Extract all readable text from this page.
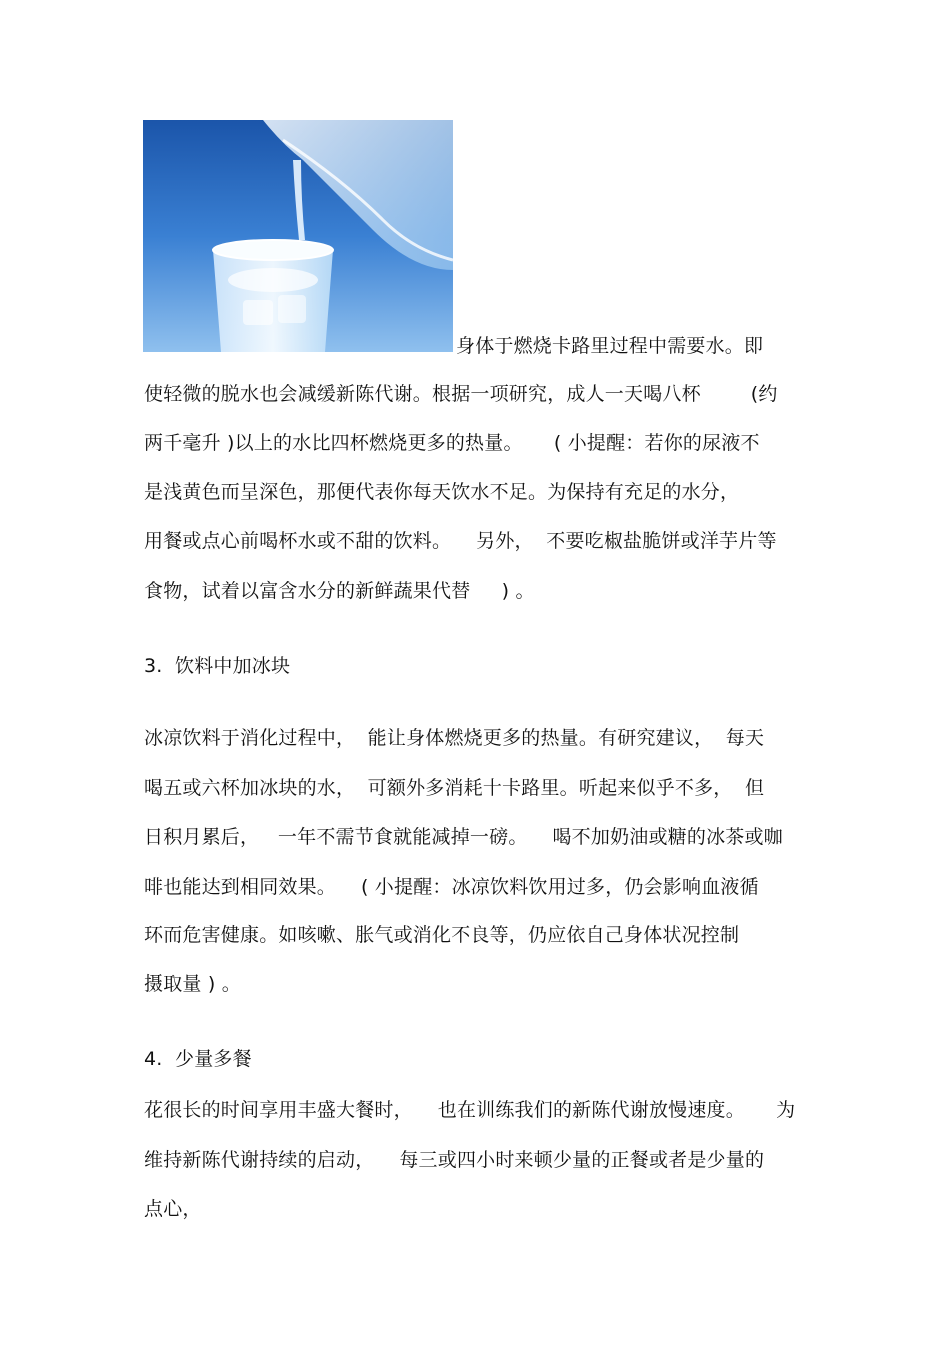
身体于燃烧卡路里过程中需要水。即
使轻微的脱水也会减缓新陈代谢。根据一项研究，成人一天喝八杯        (约
两千毫升 )以上的水比四杯燃烧更多的热量。     ( 小提醒：若你的尿液不
是浅黄色而呈深色，那便代表你每天饮水不足。为保持有充足的水分，
用餐或点心前喝杯水或不甜的饮料。    另外，  不要吃椒盐脆饼或洋芋片等
食物，试着以富含水分的新鲜蔬果代替     ) 。
3.  饮料中加冰块
冰凉饮料于消化过程中，  能让身体燃烧更多的热量。有研究建议，  每天
喝五或六杯加冰块的水，  可额外多消耗十卡路里。听起来似乎不多，  但
日积月累后，   一年不需节食就能减掉一磅。    喝不加奶油或糖的冰茶或咖
啡也能达到相同效果。    ( 小提醒：冰凉饮料饮用过多，仍会影响血液循
环而危害健康。如咳嗽、胀气或消化不良等，仍应依自己身体状况控制
摄取量 ) 。
4.  少量多餐
花很长的时间享用丰盛大餐时，    也在训练我们的新陈代谢放慢速度。     为
维持新陈代谢持续的启动，    每三或四小时来顿少量的正餐或者是少量的
点心，
